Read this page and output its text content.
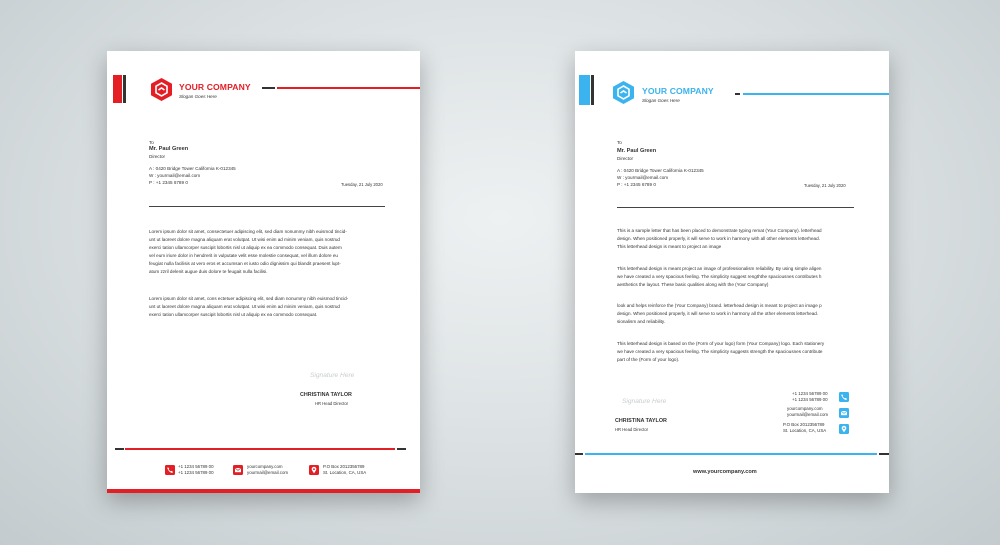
YOUR COMPANY
Slogan Goes Here
To
Mr. Paul Green
Director
A : 0420 Bridge Tower California K-012345
W : yourmail@email.com
P : +1 2345 6789 0	Tuesday, 21 July 2020
Lorem ipsum dolor sit amet, consectetuer adipiscing elit, sed diam nonummy nibh euismod tincid-
unt ut laoreet dolore magna aliquam erat volutpat. Ut wisi enim ad minim veniam, quis nostrud
exerci tation ullamcorper suscipit lobortis nisl ut aliquip ex ea commodo consequat. Duis autem
vel eum iriure dolor in hendrerit in vulputate velit esse molestie consequat, vel illum dolore eu
feugiat nulla facilisis at vero eros et accumsan et iusto odio dignissim qui blandit praesent lupt-
atum zzril delenit augue duis dolore te feugait nulla facilisi.
Lorem ipsum dolor sit amet, cons ectetuer adipiscing elit, sed diam nonummy nibh euismod tincid-
unt ut laoreet dolore magna aliquam erat volutpat. Ut wisi enim ad minim veniam, quis nostrud
exerci tation ullamcorper suscipit lobortis nisl ut aliquip ex ea commodo consequat.
Signature Here
CHRISTINA TAYLOR
HR Head Director
+1 1234 56789 00
+1 1234 56789 00
yourcompany.com
yourmail@email.com
P.O Box 2012356789
St. Location, CA, USA
YOUR COMPANY
Slogan Goes Here
To
Mr. Paul Green
Director
A : 0420 Bridge Tower California K-012345
W : yourmail@email.com
P : +1 2345 6789 0	Tuesday, 21 July 2020
This is a sample letter that has been placed to demonstrate typing remat (Your Company). letterhead
design. When positioned properly, it will serve to work in harmony with all other elements letterhead.
This letterhead design is meant to project an image
This letterhead design is meant project an image of professionalism reliability. By using simple aligen
we have created a very spacious feeling. The simplicity suggest rengththe spaciousnes contributes h
aesthetics the layout. These basic qualities along with the (Your Company)
look and helps reinforce the (Your Company) brand. letterhead design is meant to project an image p
design. When positioned properly, it will serve to work in harmony all the other elements letterhead.
sionalism and reliability.
This letterhead design is based on the (Form of your logo) form (Your Company) logo. Each stationery
we have created a very spacious feeling. The simplicity suggests strength the spaciousnes contribute
part of the (Form of your logo).
Signature Here
CHRISTINA TAYLOR
HR Head Director
+1 1234 56789 00
+1 1234 56789 00
yourcompany.com
yourmail@email.com
P.O Box 2012356789
St. Location, CA, USA
www.yourcompany.com
